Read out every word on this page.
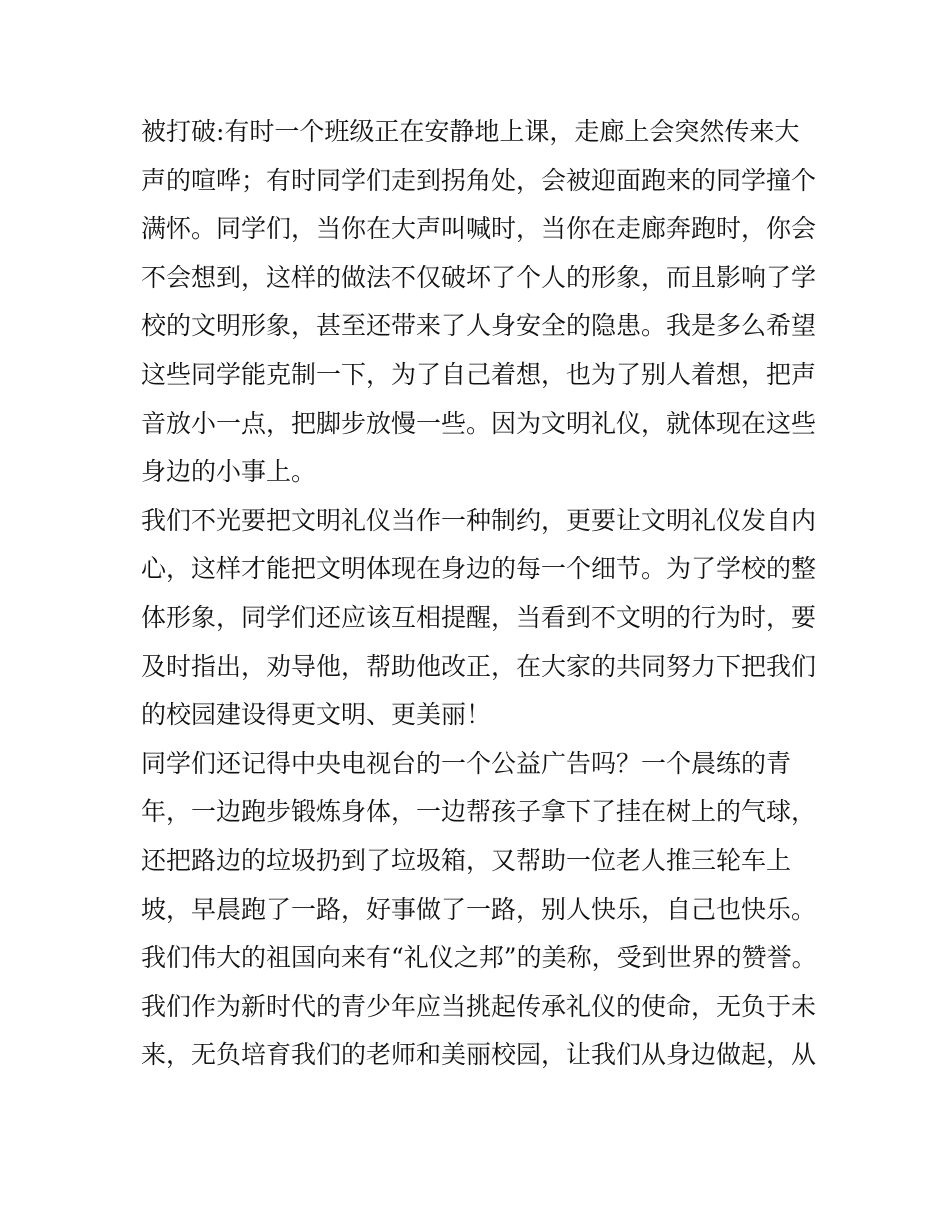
被打破:有时一个班级正在安静地上课，走廊上会突然传来大
声的喧哗；有时同学们走到拐角处，会被迎面跑来的同学撞个
满怀。同学们，当你在大声叫喊时，当你在走廊奔跑时，你会
不会想到，这样的做法不仅破坏了个人的形象，而且影响了学
校的文明形象，甚至还带来了人身安全的隐患。我是多么希望
这些同学能克制一下，为了自己着想，也为了别人着想，把声
音放小一点，把脚步放慢一些。因为文明礼仪，就体现在这些
身边的小事上。
我们不光要把文明礼仪当作一种制约，更要让文明礼仪发自内
心，这样才能把文明体现在身边的每一个细节。为了学校的整
体形象，同学们还应该互相提醒，当看到不文明的行为时，要
及时指出，劝导他，帮助他改正，在大家的共同努力下把我们
的校园建设得更文明、更美丽！
同学们还记得中央电视台的一个公益广告吗？一个晨练的青
年，一边跑步锻炼身体，一边帮孩子拿下了挂在树上的气球，
还把路边的垃圾扔到了垃圾箱，又帮助一位老人推三轮车上
坡，早晨跑了一路，好事做了一路，别人快乐，自己也快乐。
我们伟大的祖国向来有“礼仪之邦”的美称，受到世界的赞誉。
我们作为新时代的青少年应当挑起传承礼仪的使命，无负于未
来，无负培育我们的老师和美丽校园，让我们从身边做起，从
